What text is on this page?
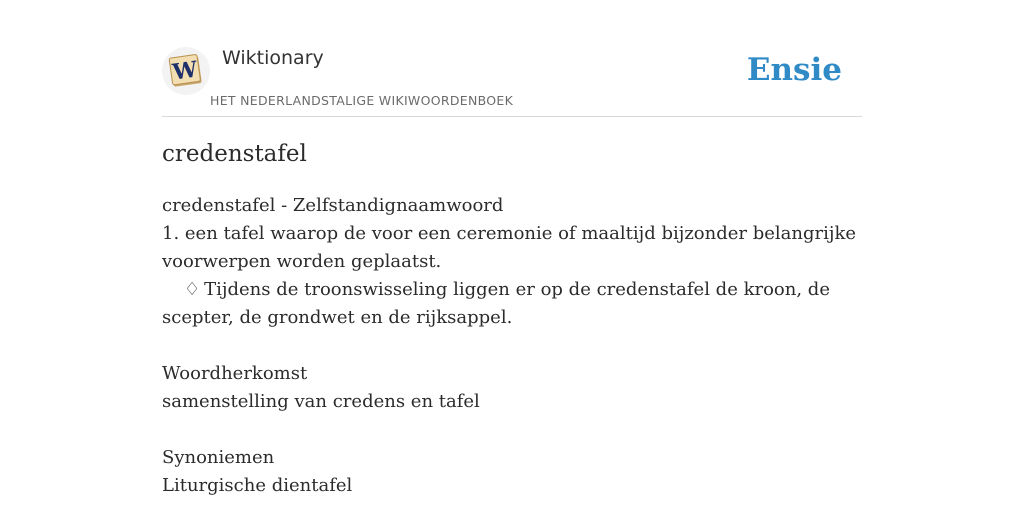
W Wiktionary
HET NEDERLANDSTALIGE WIKIWOORDENBOEK
Ensie
credenstafel
credenstafel - Zelfstandignaamwoord
1. een tafel waarop de voor een ceremonie of maaltijd bijzonder belangrijke voorwerpen worden geplaatst.
♢ Tijdens de troonswisseling liggen er op de credenstafel de kroon, de scepter, de grondwet en de rijksappel.
Woordherkomst
samenstelling van credens en tafel
Synoniemen
Liturgische dientafel
